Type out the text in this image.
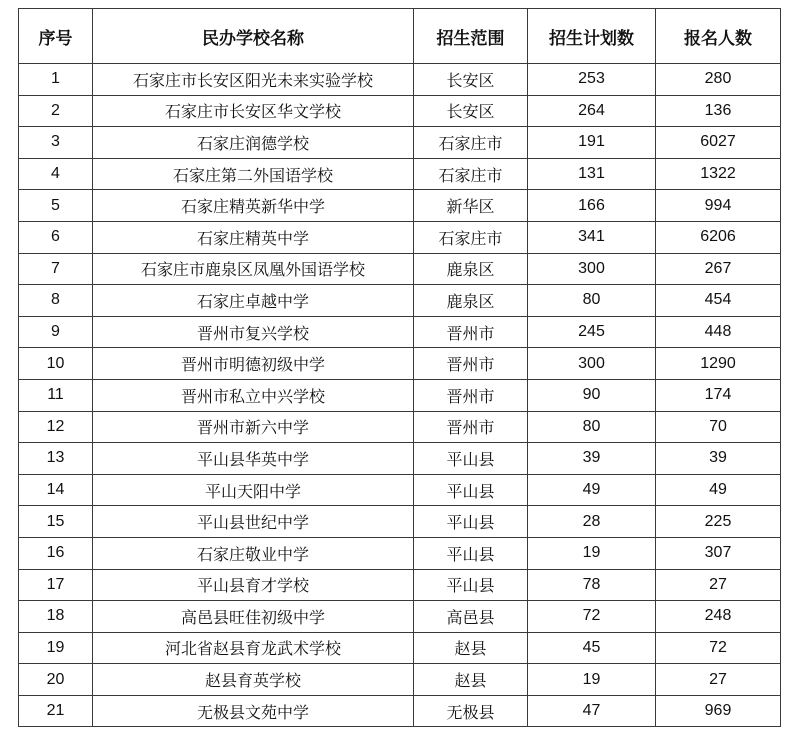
序号	民办学校名称	招生范围	招生计划数	报名人数
1	石家庄市长安区阳光未来实验学校	长安区	253	280
2	石家庄市长安区华文学校	长安区	264	136
3	石家庄润德学校	石家庄市	191	6027
4	石家庄第二外国语学校	石家庄市	131	1322
5	石家庄精英新华中学	新华区	166	994
6	石家庄精英中学	石家庄市	341	6206
7	石家庄市鹿泉区凤凰外国语学校	鹿泉区	300	267
8	石家庄卓越中学	鹿泉区	80	454
9	晋州市复兴学校	晋州市	245	448
10	晋州市明德初级中学	晋州市	300	1290
11	晋州市私立中兴学校	晋州市	90	174
12	晋州市新六中学	晋州市	80	70
13	平山县华英中学	平山县	39	39
14	平山天阳中学	平山县	49	49
15	平山县世纪中学	平山县	28	225
16	石家庄敬业中学	平山县	19	307
17	平山县育才学校	平山县	78	27
18	高邑县旺佳初级中学	高邑县	72	248
19	河北省赵县育龙武术学校	赵县	45	72
20	赵县育英学校	赵县	19	27
21	无极县文苑中学	无极县	47	969
